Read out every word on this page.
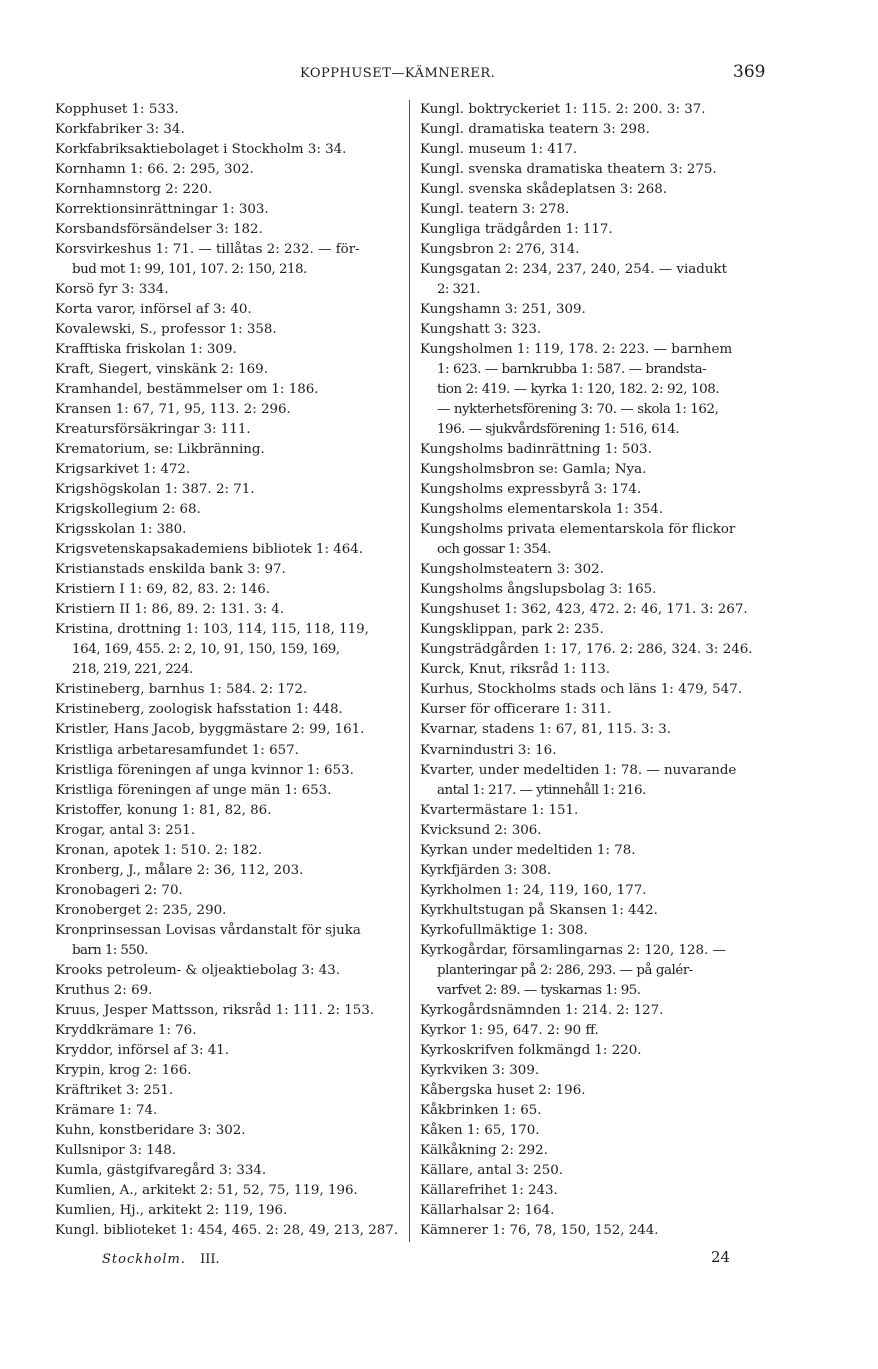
KOPPHUSET—KÄMNERER.	369
Kopphuset 1: 533.
Korkfabriker 3: 34.
Korkfabriksaktiebolaget i Stockholm 3: 34.
Kornhamn 1: 66. 2: 295, 302.
Kornhamnstorg 2: 220.
Korrektionsinrättningar 1: 303.
Korsbandsförsändelser 3: 182.
Korsvirkeshus 1: 71. — tillåtas 2: 232. — för-
bud mot 1: 99, 101, 107. 2: 150, 218.
Korsö fyr 3: 334.
Korta varor, införsel af 3: 40.
Kovalewski, S., professor 1: 358.
Krafftiska friskolan 1: 309.
Kraft, Siegert, vinskänk 2: 169.
Kramhandel, bestämmelser om 1: 186.
Kransen 1: 67, 71, 95, 113. 2: 296.
Kreatursförsäkringar 3: 111.
Krematorium, se: Likbränning.
Krigsarkivet 1: 472.
Krigshögskolan 1: 387. 2: 71.
Krigskollegium 2: 68.
Krigsskolan 1: 380.
Krigsvetenskapsakademiens bibliotek 1: 464.
Kristianstads enskilda bank 3: 97.
Kristiern I 1: 69, 82, 83. 2: 146.
Kristiern II 1: 86, 89. 2: 131. 3: 4.
Kristina, drottning 1: 103, 114, 115, 118, 119,
164, 169, 455. 2: 2, 10, 91, 150, 159, 169,
218, 219, 221, 224.
Kristineberg, barnhus 1: 584. 2: 172.
Kristineberg, zoologisk hafsstation 1: 448.
Kristler, Hans Jacob, byggmästare 2: 99, 161.
Kristliga arbetaresamfundet 1: 657.
Kristliga föreningen af unga kvinnor 1: 653.
Kristliga föreningen af unge män 1: 653.
Kristoffer, konung 1: 81, 82, 86.
Krogar, antal 3: 251.
Kronan, apotek 1: 510. 2: 182.
Kronberg, J., målare 2: 36, 112, 203.
Kronobageri 2: 70.
Kronoberget 2: 235, 290.
Kronprinsessan Lovisas vårdanstalt för sjuka
barn 1: 550.
Krooks petroleum- & oljeaktiebolag 3: 43.
Kruthus 2: 69.
Kruus, Jesper Mattsson, riksråd 1: 111. 2: 153.
Kryddkrämare 1: 76.
Kryddor, införsel af 3: 41.
Krypin, krog 2: 166.
Kräftriket 3: 251.
Krämare 1: 74.
Kuhn, konstberidare 3: 302.
Kullsnipor 3: 148.
Kumla, gästgifvaregård 3: 334.
Kumlien, A., arkitekt 2: 51, 52, 75, 119, 196.
Kumlien, Hj., arkitekt 2: 119, 196.
Kungl. biblioteket 1: 454, 465. 2: 28, 49, 213, 287.
Kungl. boktryckeriet 1: 115. 2: 200. 3: 37.
Kungl. dramatiska teatern 3: 298.
Kungl. museum 1: 417.
Kungl. svenska dramatiska theatern 3: 275.
Kungl. svenska skådeplatsen 3: 268.
Kungl. teatern 3: 278.
Kungliga trädgården 1: 117.
Kungsbron 2: 276, 314.
Kungsgatan 2: 234, 237, 240, 254. — viadukt
2: 321.
Kungshamn 3: 251, 309.
Kungshatt 3: 323.
Kungsholmen 1: 119, 178. 2: 223. — barnhem
1: 623. — barnkrubba 1: 587. — brandsta-
tion 2: 419. — kyrka 1: 120, 182. 2: 92, 108.
— nykterhetsförening 3: 70. — skola 1: 162,
196. — sjukvårdsförening 1: 516, 614.
Kungsholms badinrättning 1: 503.
Kungsholmsbron se: Gamla; Nya.
Kungsholms expressbyrå 3: 174.
Kungsholms elementarskola 1: 354.
Kungsholms privata elementarskola för flickor
och gossar 1: 354.
Kungsholmsteatern 3: 302.
Kungsholms ångslupsbolag 3: 165.
Kungshuset 1: 362, 423, 472. 2: 46, 171. 3: 267.
Kungsklippan, park 2: 235.
Kungsträdgården 1: 17, 176. 2: 286, 324. 3: 246.
Kurck, Knut, riksråd 1: 113.
Kurhus, Stockholms stads och läns 1: 479, 547.
Kurser för officerare 1: 311.
Kvarnar, stadens 1: 67, 81, 115. 3: 3.
Kvarnindustri 3: 16.
Kvarter, under medeltiden 1: 78. — nuvarande
antal 1: 217. — ytinnehåll 1: 216.
Kvartermästare 1: 151.
Kvicksund 2: 306.
Kyrkan under medeltiden 1: 78.
Kyrkfjärden 3: 308.
Kyrkholmen 1: 24, 119, 160, 177.
Kyrkhultstugan på Skansen 1: 442.
Kyrkofullmäktige 1: 308.
Kyrkogårdar, församlingarnas 2: 120, 128. —
planteringar på 2: 286, 293. — på galér-
varfvet 2: 89. — tyskarnas 1: 95.
Kyrkogårdsnämnden 1: 214. 2: 127.
Kyrkor 1: 95, 647. 2: 90 ff.
Kyrkoskrifven folkmängd 1: 220.
Kyrkviken 3: 309.
Kåbergska huset 2: 196.
Kåkbrinken 1: 65.
Kåken 1: 65, 170.
Kälkåkning 2: 292.
Källare, antal 3: 250.
Källarefrihet 1: 243.
Källarhalsar 2: 164.
Kämnerer 1: 76, 78, 150, 152, 244.
Stockholm. III.	24
